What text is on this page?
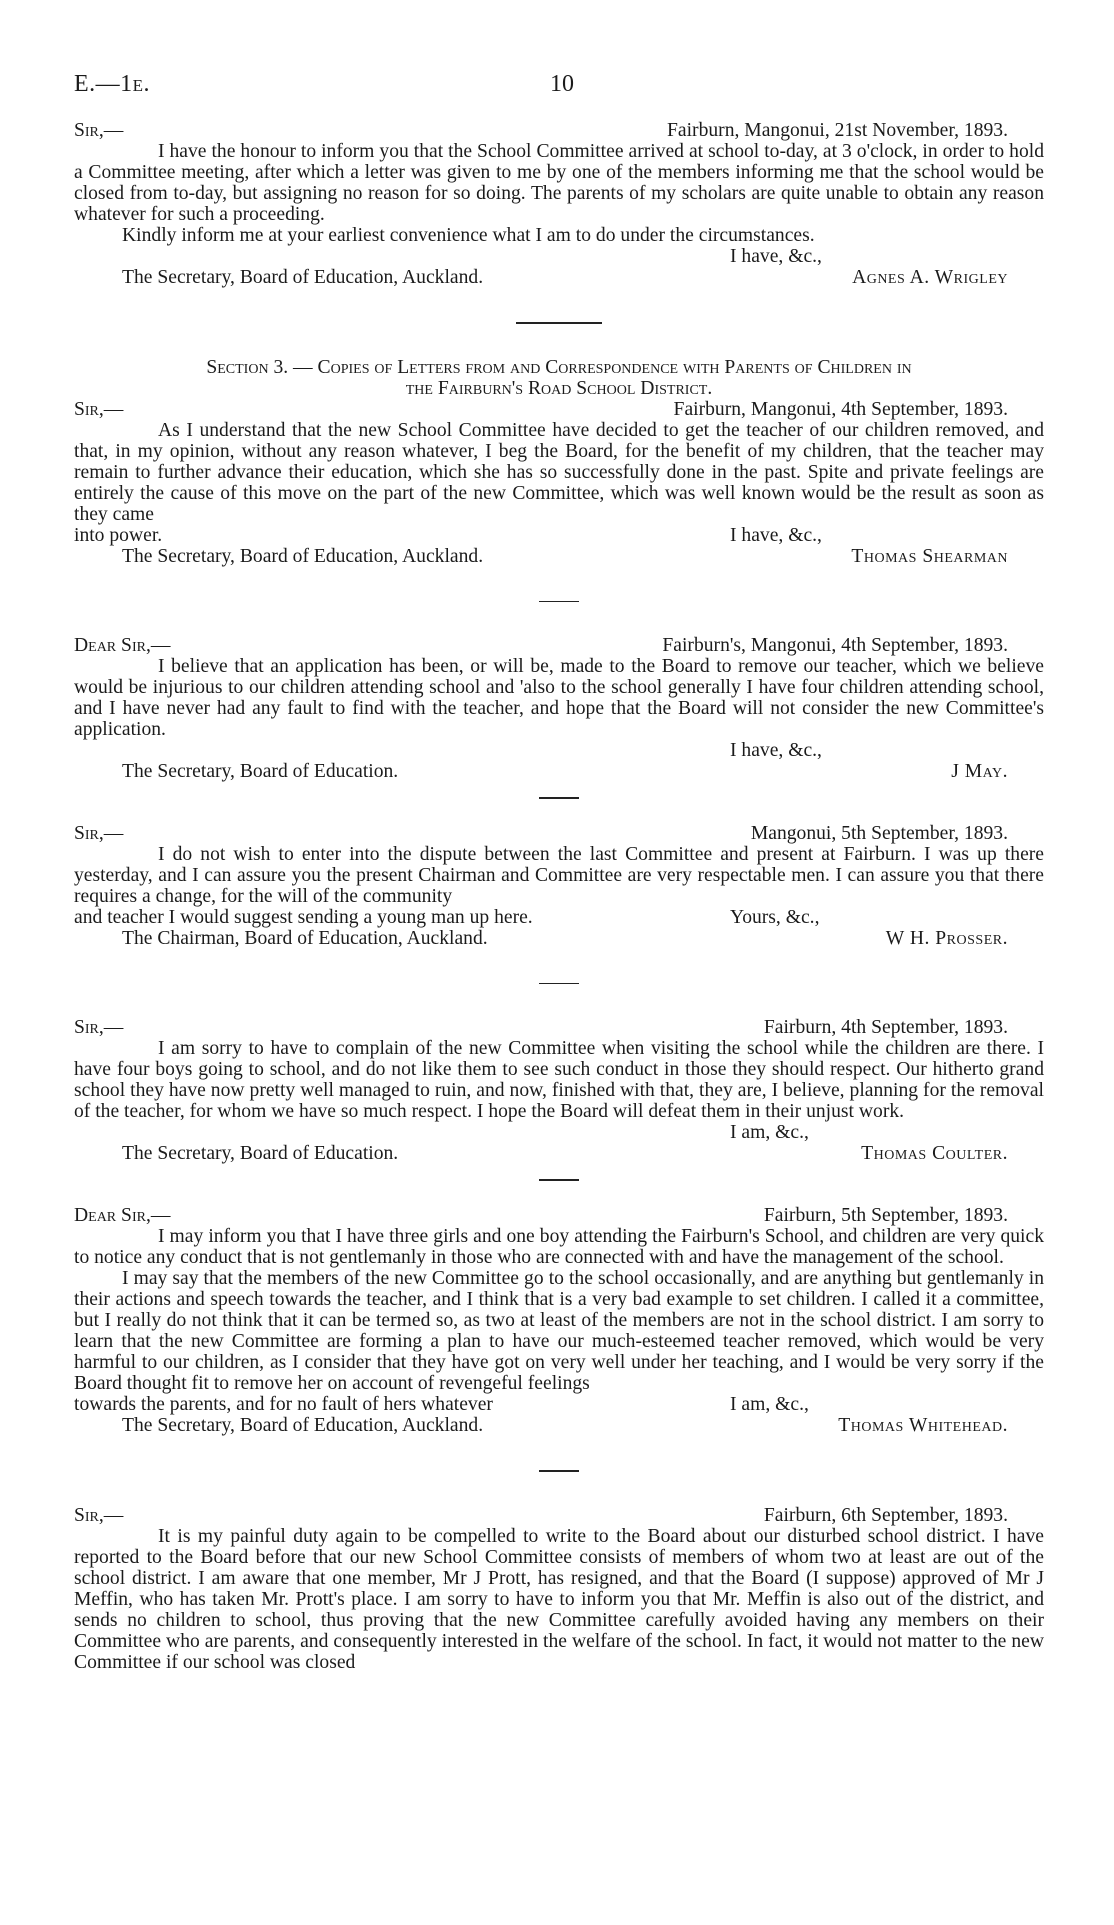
E.—1e.	10
Sir,—	Fairburn, Mangonui, 21st November, 1893.

I have the honour to inform you that the School Committee arrived at school to-day, at 3 o'clock, in order to hold a Committee meeting, after which a letter was given to me by one of the members informing me that the school would be closed from to-day, but assigning no reason for so doing. The parents of my scholars are quite unable to obtain any reason whatever for such a proceeding.

Kindly inform me at your earliest convenience what I am to do under the circumstances.

I have, &c.,
The Secretary, Board of Education, Auckland.	Agnes A. Wrigley

Section 3. — Copies of Letters from and Correspondence with Parents of Children in

the Fairburn's Road School District.

Sir,—	Fairburn, Mangonui, 4th September, 1893.

As I understand that the new School Committee have decided to get the teacher of our children removed, and that, in my opinion, without any reason whatever, I beg the Board, for the benefit of my children, that the teacher may remain to further advance their education, which she has so successfully done in the past. Spite and private feelings are entirely the cause of this move on the part of the new Committee, which was well known would be the result as soon as they came

into power.	I have, &c.,
The Secretary, Board of Education, Auckland.	Thomas Shearman
Dear Sir,—	Fairburn's, Mangonui, 4th September, 1893.

I believe that an application has been, or will be, made to the Board to remove our teacher, which we believe would be injurious to our children attending school and 'also to the school generally I have four children attending school, and I have never had any fault to find with the teacher, and hope that the Board will not consider the new Committee's application.

I have, &c.,
The Secretary, Board of Education.	J May.
Sir,—	Mangonui, 5th September, 1893.

I do not wish to enter into the dispute between the last Committee and present at Fairburn. I was up there yesterday, and I can assure you the present Chairman and Committee are very respectable men. I can assure you that there requires a change, for the will of the community

and teacher I would suggest sending a young man up here.	Yours, &c.,
The Chairman, Board of Education, Auckland.	W H. Prosser.
Sir,—	Fairburn, 4th September, 1893.

I am sorry to have to complain of the new Committee when visiting the school while the children are there. I have four boys going to school, and do not like them to see such conduct in those they should respect. Our hitherto grand school they have now pretty well managed to ruin, and now, finished with that, they are, I believe, planning for the removal of the teacher, for whom we have so much respect. I hope the Board will defeat them in their unjust work.

I am, &c.,
The Secretary, Board of Education.	Thomas Coulter.
Dear Sir,—	Fairburn, 5th September, 1893.

I may inform you that I have three girls and one boy attending the Fairburn's School, and children are very quick to notice any conduct that is not gentlemanly in those who are connected with and have the management of the school.

I may say that the members of the new Committee go to the school occasionally, and are anything but gentlemanly in their actions and speech towards the teacher, and I think that is a very bad example to set children. I called it a committee, but I really do not think that it can be termed so, as two at least of the members are not in the school district. I am sorry to learn that the new Committee are forming a plan to have our much-esteemed teacher removed, which would be very harmful to our children, as I consider that they have got on very well under her teaching, and I would be very sorry if the Board thought fit to remove her on account of revengeful feelings

towards the parents, and for no fault of hers whatever	I am, &c.,
The Secretary, Board of Education, Auckland.	Thomas Whitehead.
Sir,—	Fairburn, 6th September, 1893.

It is my painful duty again to be compelled to write to the Board about our disturbed school district. I have reported to the Board before that our new School Committee consists of members of whom two at least are out of the school district. I am aware that one member, Mr J Prott, has resigned, and that the Board (I suppose) approved of Mr J Meffin, who has taken Mr. Prott's place. I am sorry to have to inform you that Mr. Meffin is also out of the district, and sends no children to school, thus proving that the new Committee carefully avoided having any members on their Committee who are parents, and consequently interested in the welfare of the school. In fact, it would not matter to the new Committee if our school was closed
